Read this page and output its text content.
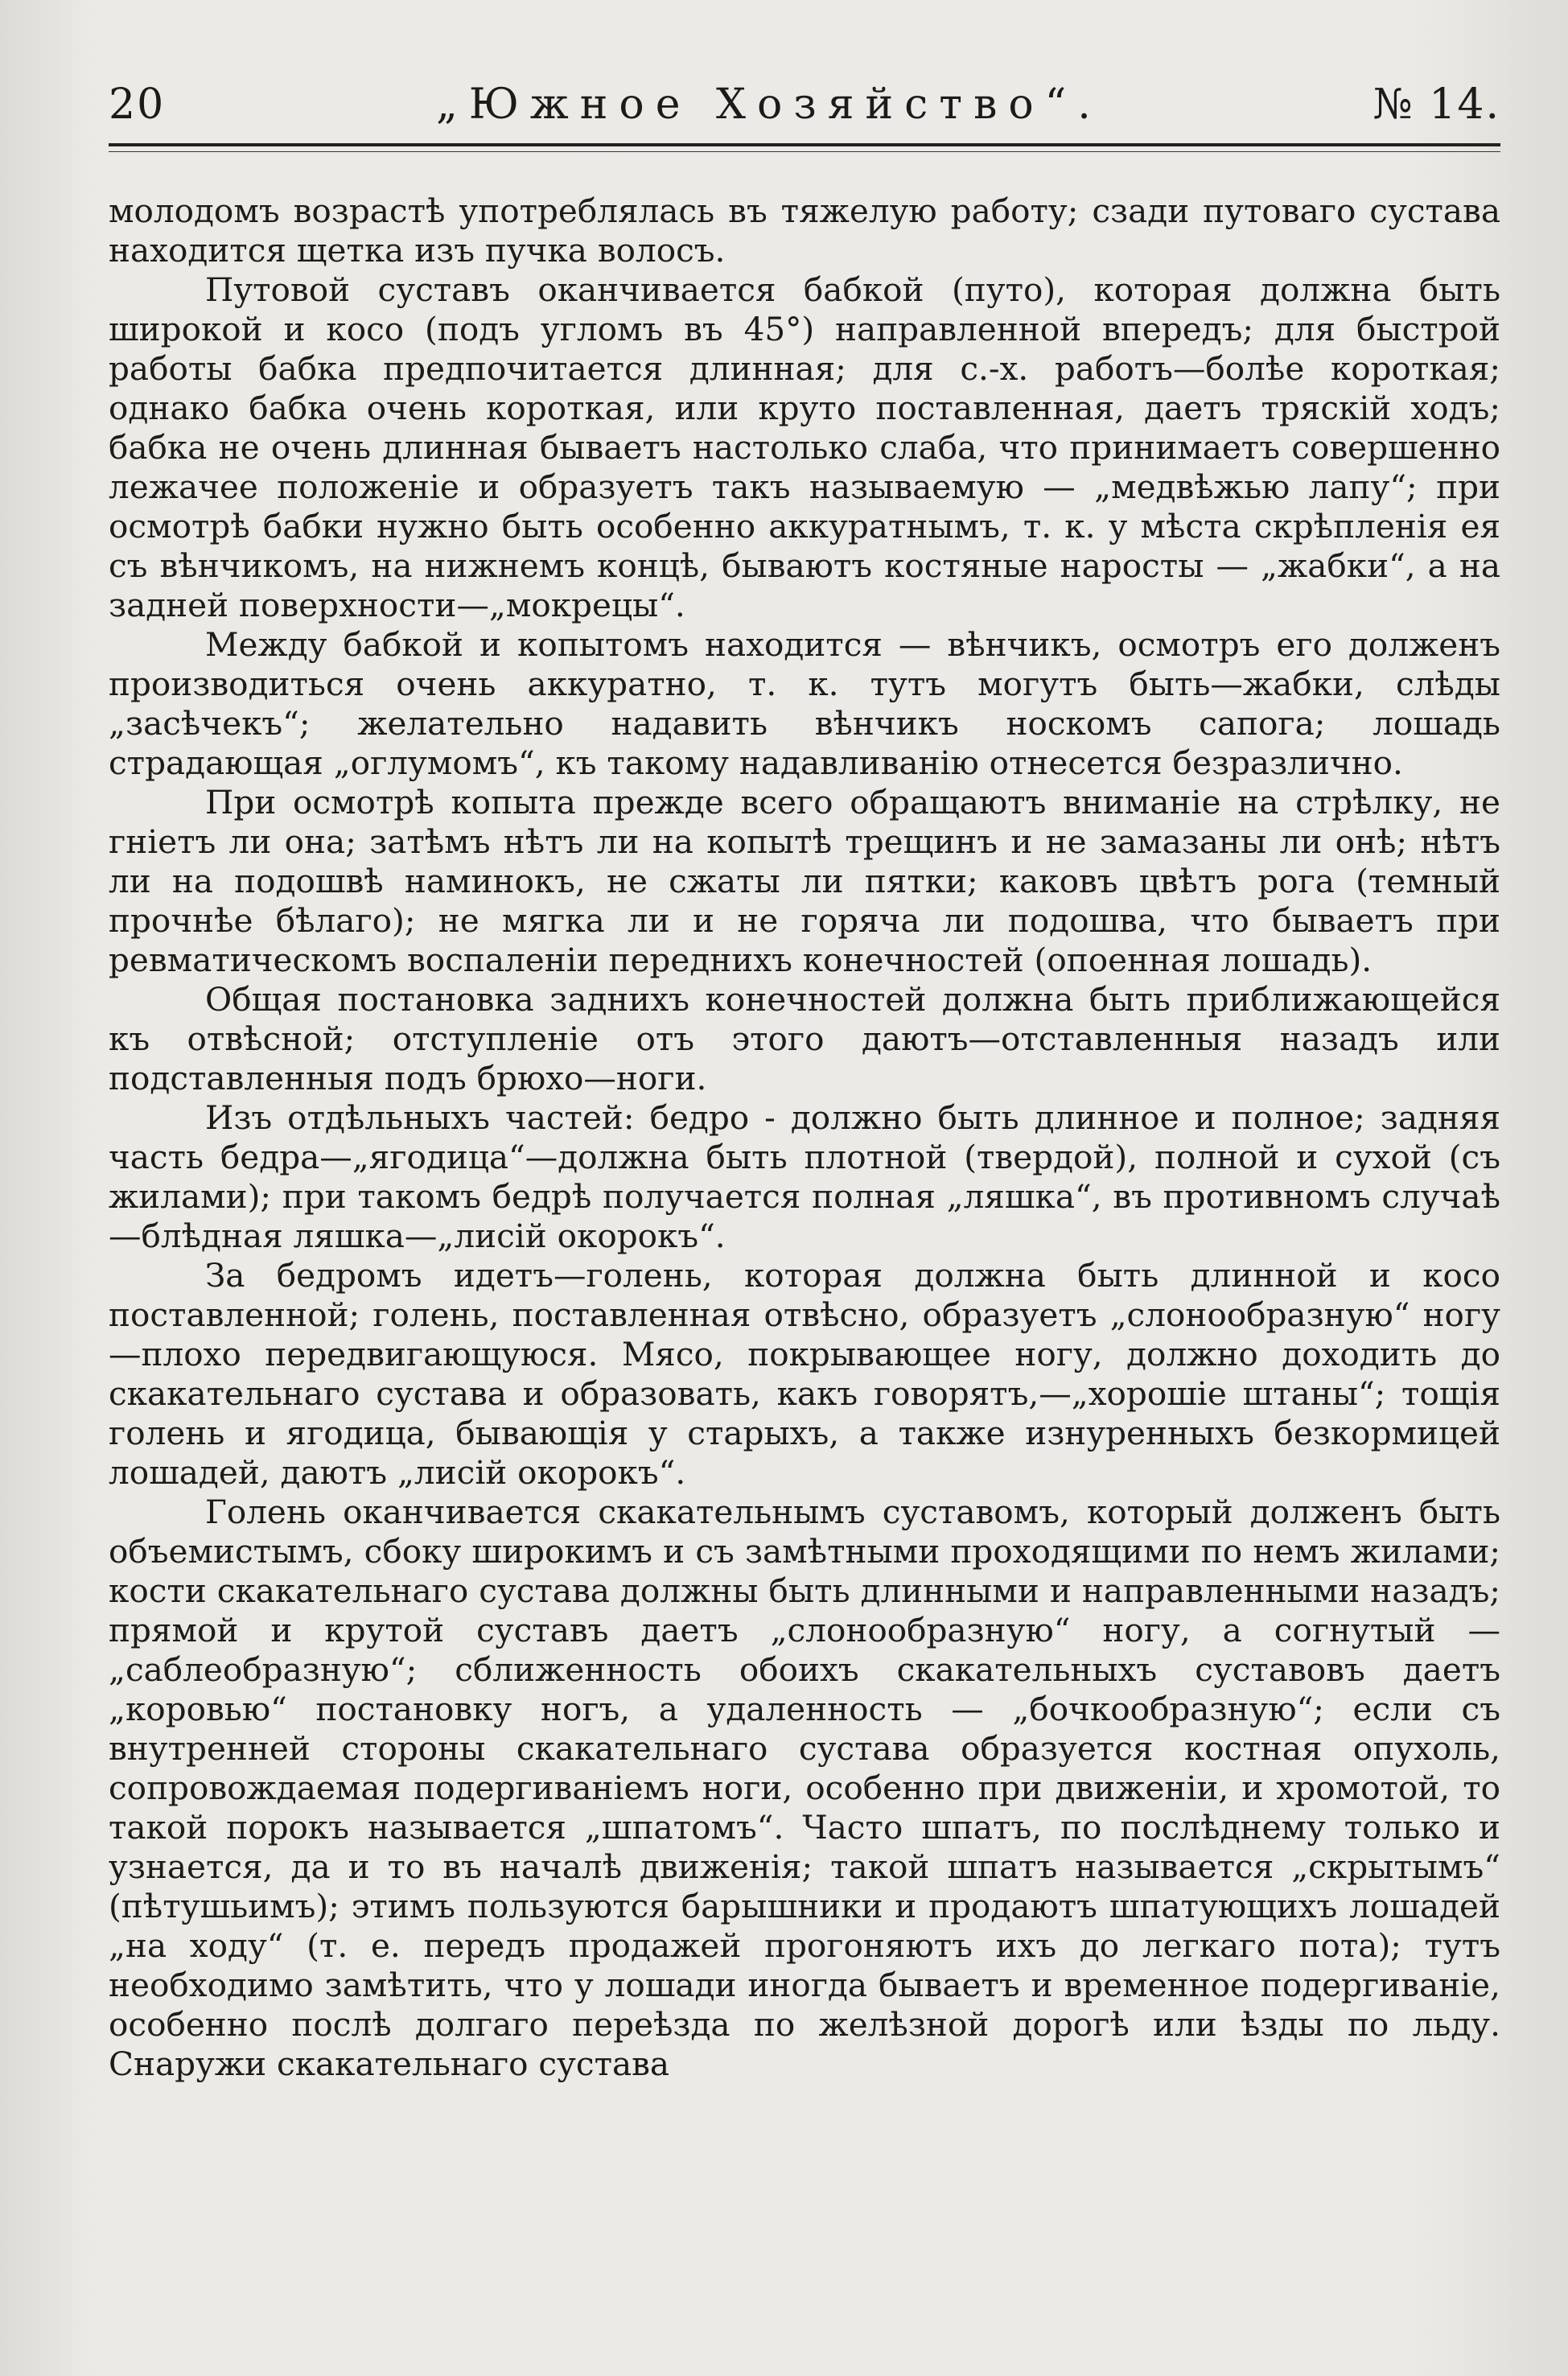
20	„Южное Хозяйство“.	№ 14.

молодомъ возрастѣ употреблялась въ тяжелую работу; сзади путоваго сустава находится щетка изъ пучка волосъ.

Путовой суставъ оканчивается бабкой (путо), которая должна быть широкой и косо (подъ угломъ въ 45°) направленной впередъ; для быстрой работы бабка предпочитается длинная; для с.-х. работъ—болѣе короткая; однако бабка очень короткая, или круто поставленная, даетъ тряскій ходъ; бабка не очень длинная бываетъ настолько слаба, что принимаетъ совершенно лежачее положеніе и образуетъ такъ называемую — „медвѣжью лапу“; при осмотрѣ бабки нужно быть особенно аккуратнымъ, т. к. у мѣста скрѣпленія ея съ вѣнчикомъ, на нижнемъ концѣ, бываютъ костяные наросты — „жабки“, а на задней поверхности—„мокрецы“.

Между бабкой и копытомъ находится — вѣнчикъ, осмотръ его долженъ производиться очень аккуратно, т. к. тутъ могутъ быть—жабки, слѣды „засѣчекъ“; желательно надавить вѣнчикъ носкомъ сапога; лошадь страдающая „оглумомъ“, къ такому надавливанію отнесется безразлично.

При осмотрѣ копыта прежде всего обращаютъ вниманіе на стрѣлку, не гніетъ ли она; затѣмъ нѣтъ ли на копытѣ трещинъ и не замазаны ли онѣ; нѣтъ ли на подошвѣ наминокъ, не сжаты ли пятки; каковъ цвѣтъ рога (темный прочнѣе бѣлаго); не мягка ли и не горяча ли подошва, что бываетъ при ревматическомъ воспаленіи переднихъ конечностей (опоенная лошадь).

Общая постановка заднихъ конечностей должна быть приближающейся къ отвѣсной; отступленіе отъ этого даютъ—отставленныя назадъ или подставленныя подъ брюхо—ноги.

Изъ отдѣльныхъ частей: бедро - должно быть длинное и полное; задняя часть бедра—„ягодица“—должна быть плотной (твердой), полной и сухой (съ жилами); при такомъ бедрѣ получается полная „ляшка“, въ противномъ случаѣ—блѣдная ляшка—„лисій окорокъ“.

За бедромъ идетъ—голень, которая должна быть длинной и косо поставленной; голень, поставленная отвѣсно, образуетъ „слонообразную“ ногу—плохо передвигающуюся. Мясо, покрывающее ногу, должно доходить до скакательнаго сустава и образовать, какъ говорятъ,—„хорошіе штаны“; тощія голень и ягодица, бывающія у старыхъ, а также изнуренныхъ безкормицей лошадей, даютъ „лисій окорокъ“.

Голень оканчивается скакательнымъ суставомъ, который долженъ быть объемистымъ, сбоку широкимъ и съ замѣтными проходящими по немъ жилами; кости скакательнаго сустава должны быть длинными и направленными назадъ; прямой и крутой суставъ даетъ „слонообразную“ ногу, а согнутый — „саблеобразную“; сближенность обоихъ скакательныхъ суставовъ даетъ „коровью“ постановку ногъ, а удаленность — „бочкообразную“; если съ внутренней стороны скакательнаго сустава образуется костная опухоль, сопровождаемая подергиваніемъ ноги, особенно при движеніи, и хромотой, то такой порокъ называется „шпатомъ“. Часто шпатъ, по послѣднему только и узнается, да и то въ началѣ движенія; такой шпатъ называется „скрытымъ“ (пѣтушьимъ); этимъ пользуются барышники и продаютъ шпатующихъ лошадей „на ходу“ (т. е. передъ продажей прогоняютъ ихъ до легкаго пота); тутъ необходимо замѣтить, что у лошади иногда бываетъ и временное подергиваніе, особенно послѣ долгаго переѣзда по желѣзной дорогѣ или ѣзды по льду. Снаружи скакательнаго сустава
